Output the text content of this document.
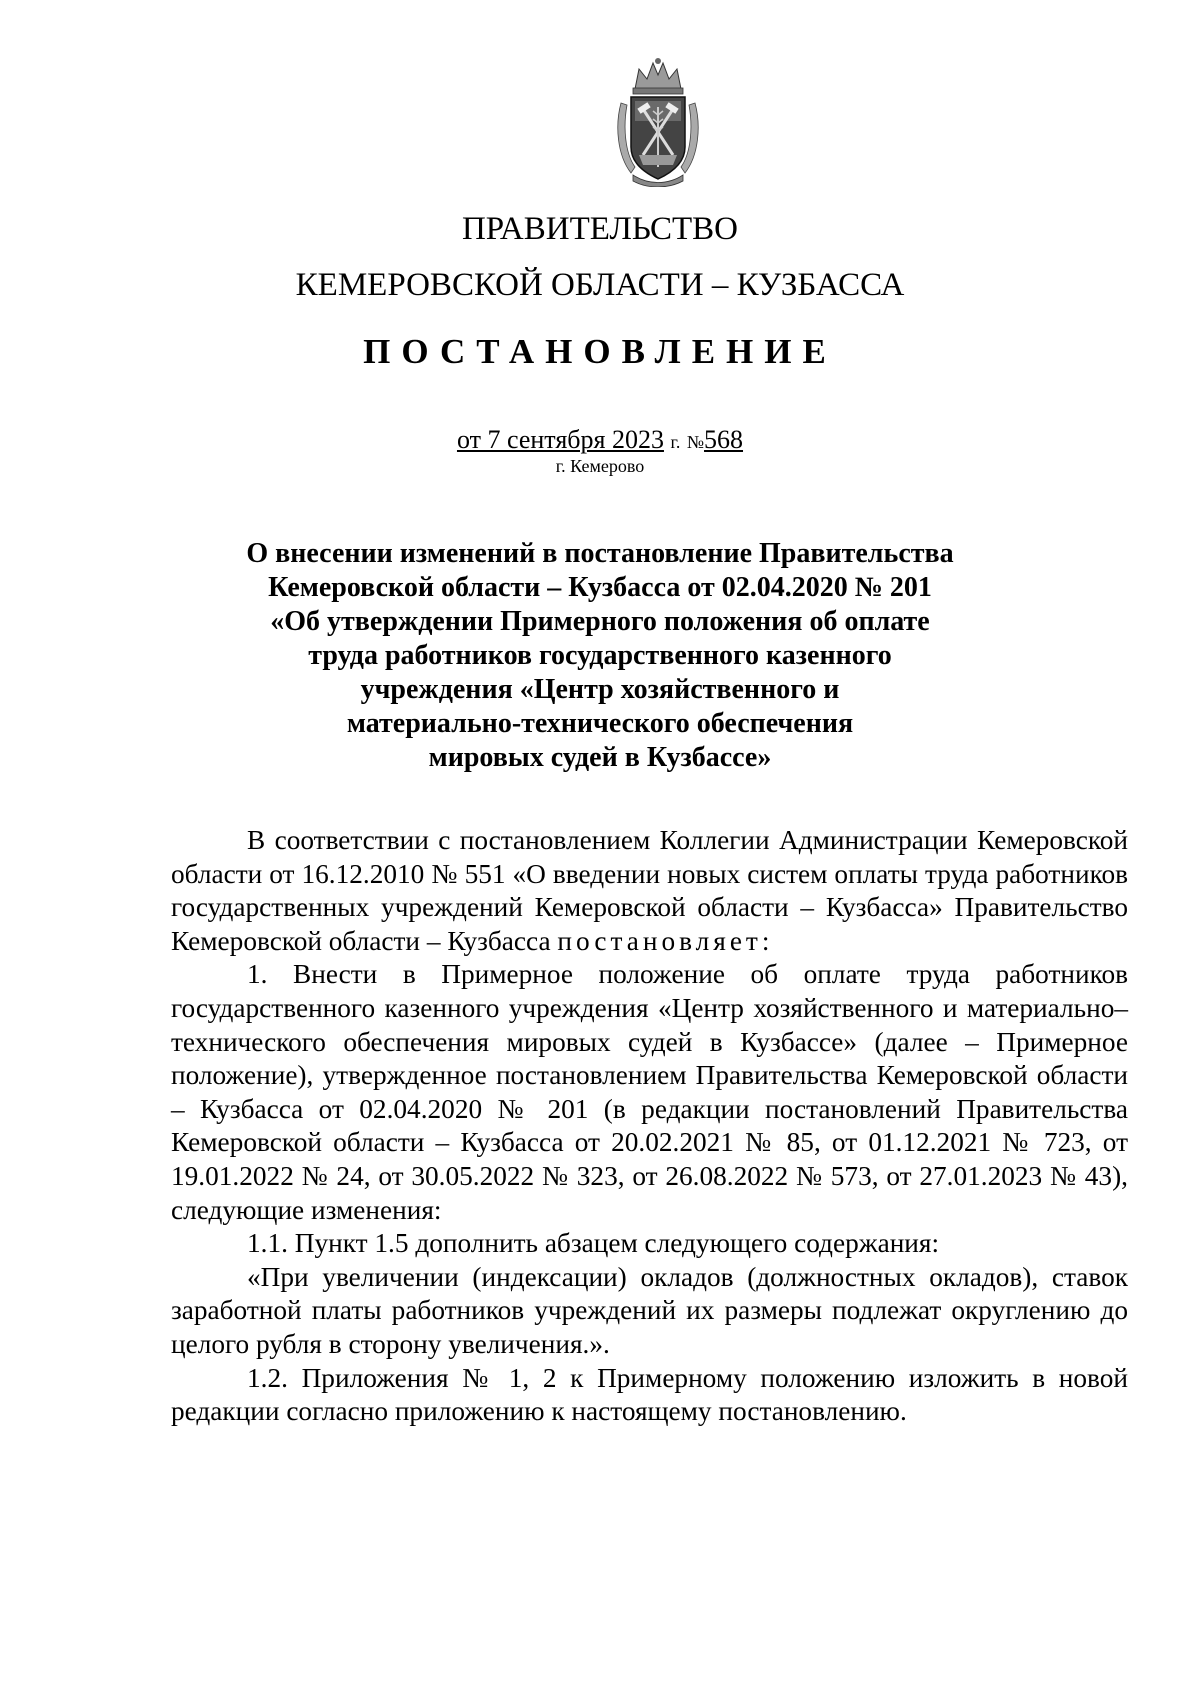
ПРАВИТЕЛЬСТВО
КЕМЕРОВСКОЙ ОБЛАСТИ – КУЗБАССА
ПОСТАНОВЛЕНИЕ
от 7 сентября 2023 г. №568
г. Кемерово
О внесении изменений в постановление Правительства
Кемеровской области – Кузбасса от 02.04.2020 № 201
«Об утверждении Примерного положения об оплате
труда работников государственного казенного
учреждения «Центр хозяйственного и
материально-технического обеспечения
мировых судей в Кузбассе»

В соответствии с постановлением Коллегии Администрации Кемеровской области от 16.12.2010 № 551 «О введении новых систем оплаты труда работников государственных учреждений Кемеровской области – Кузбасса» Правительство Кемеровской области – Кузбасса постановляет:

1. Внести в Примерное положение об оплате труда работников государственного казенного учреждения «Центр хозяйственного и материально–технического обеспечения мировых судей в Кузбассе» (далее – Примерное положение), утвержденное постановлением Правительства Кемеровской области – Кузбасса от 02.04.2020 № 201 (в редакции постановлений Правительства Кемеровской области – Кузбасса от 20.02.2021 № 85, от 01.12.2021 № 723, от 19.01.2022 № 24, от 30.05.2022 № 323, от 26.08.2022 № 573, от 27.01.2023 № 43), следующие изменения:

1.1. Пункт 1.5 дополнить абзацем следующего содержания:

«При увеличении (индексации) окладов (должностных окладов), ставок заработной платы работников учреждений их размеры подлежат округлению до целого рубля в сторону увеличения.».

1.2. Приложения № 1, 2 к Примерному положению изложить в новой редакции согласно приложению к настоящему постановлению.
